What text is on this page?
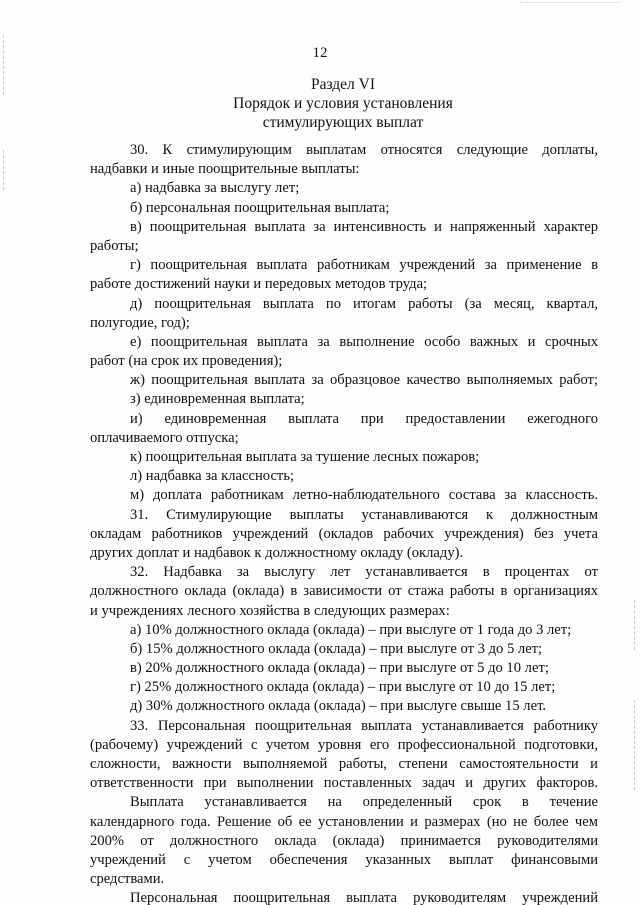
12
Раздел VI
Порядок и условия установления
стимулирующих выплат
30. К стимулирующим выплатам относятся следующие доплаты,
надбавки и иные поощрительные выплаты:
а) надбавка за выслугу лет;
б) персональная поощрительная выплата;
в) поощрительная выплата за интенсивность и напряженный характер
работы;
г) поощрительная выплата работникам учреждений за применение в
работе достижений науки и передовых методов труда;
д) поощрительная выплата по итогам работы (за месяц, квартал,
полугодие, год);
е) поощрительная выплата за выполнение особо важных и срочных
работ (на срок их проведения);
ж) поощрительная выплата за образцовое качество выполняемых работ;
з) единовременная выплата;
и) единовременная выплата при предоставлении ежегодного
оплачиваемого отпуска;
к) поощрительная выплата за тушение лесных пожаров;
л) надбавка за классность;
м) доплата работникам летно-наблюдательного состава за классность.
31. Стимулирующие выплаты устанавливаются к должностным
окладам работников учреждений (окладов рабочих учреждения) без учета
других доплат и надбавок к должностному окладу (окладу).
32. Надбавка за выслугу лет устанавливается в процентах от
должностного оклада (оклада) в зависимости от стажа работы в организациях
и учреждениях лесного хозяйства в следующих размерах:
а) 10% должностного оклада (оклада) – при выслуге от 1 года до 3 лет;
б) 15% должностного оклада (оклада) – при выслуге от 3 до 5 лет;
в) 20% должностного оклада (оклада) – при выслуге от 5 до 10 лет;
г) 25% должностного оклада (оклада) – при выслуге от 10 до 15 лет;
д) 30% должностного оклада (оклада) – при выслуге свыше 15 лет.
33. Персональная поощрительная выплата устанавливается работнику
(рабочему) учреждений с учетом уровня его профессиональной подготовки,
сложности, важности выполняемой работы, степени самостоятельности и
ответственности при выполнении поставленных задач и других факторов.
Выплата устанавливается на определенный срок в течение
календарного года. Решение об ее установлении и размерах (но не более чем
200% от должностного оклада (оклада) принимается руководителями
учреждений с учетом обеспечения указанных выплат финансовыми
средствами.
Персональная поощрительная выплата руководителям учреждений
